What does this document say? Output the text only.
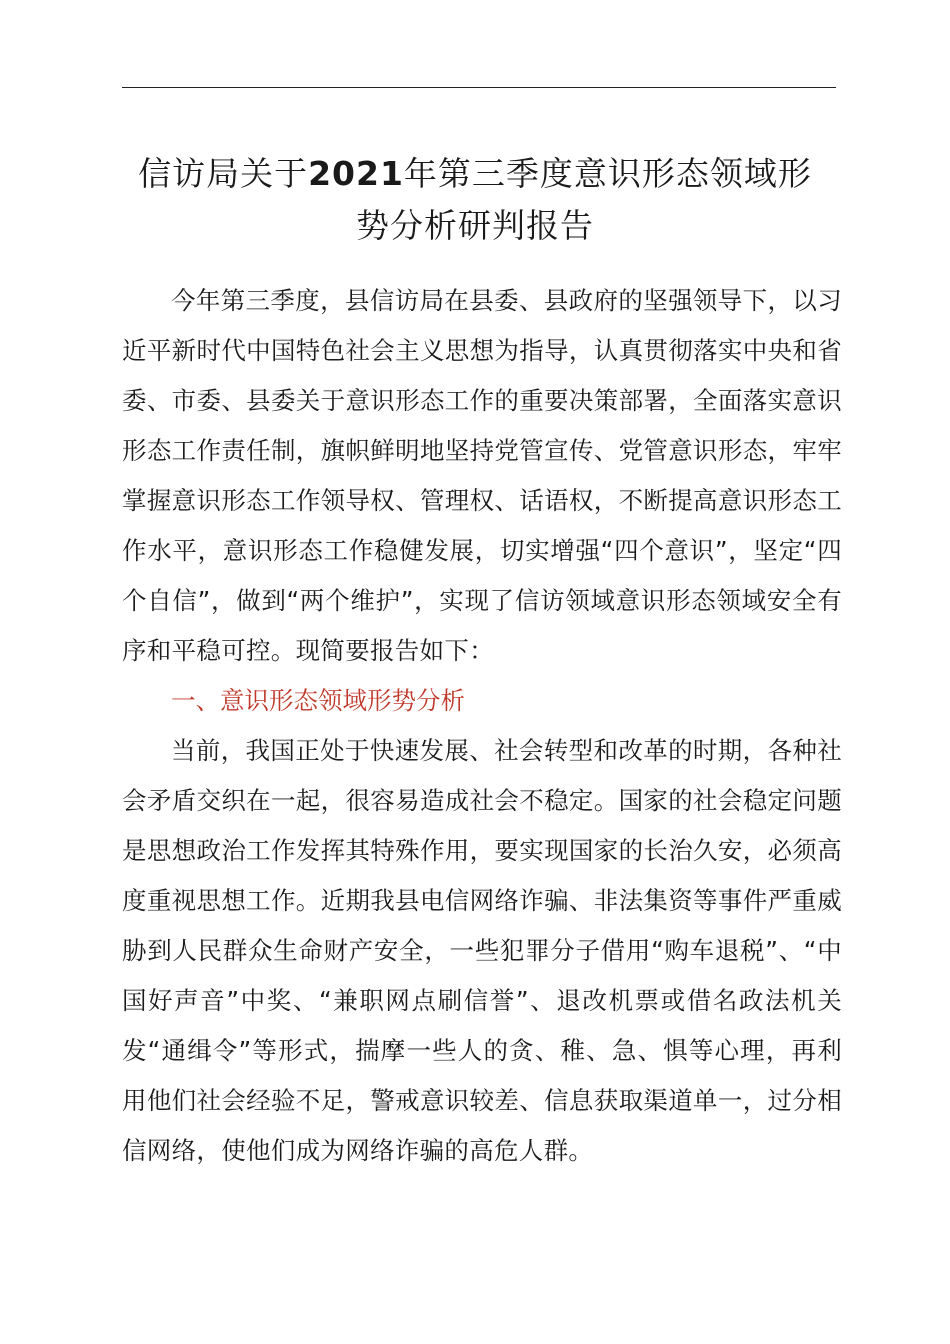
信访局关于2021年第三季度意识形态领域形
势分析研判报告

今年第三季度，县信访局在县委、县政府的坚强领导下，以习近平新时代中国特色社会主义思想为指导，认真贯彻落实中央和省委、市委、县委关于意识形态工作的重要决策部署，全面落实意识形态工作责任制，旗帜鲜明地坚持党管宣传、党管意识形态，牢牢掌握意识形态工作领导权、管理权、话语权，不断提高意识形态工作水平，意识形态工作稳健发展，切实增强“四个意识”，坚定“四个自信”，做到“两个维护”，实现了信访领域意识形态领域安全有序和平稳可控。现简要报告如下：

一、意识形态领域形势分析

当前，我国正处于快速发展、社会转型和改革的时期，各种社会矛盾交织在一起，很容易造成社会不稳定。国家的社会稳定问题是思想政治工作发挥其特殊作用，要实现国家的长治久安，必须高度重视思想工作。近期我县电信网络诈骗、非法集资等事件严重威胁到人民群众生命财产安全，一些犯罪分子借用“购车退税”、“中国好声音”中奖、“兼职网点刷信誉”、退改机票或借名政法机关发“通缉令”等形式，揣摩一些人的贪、稚、急、惧等心理，再利用他们社会经验不足，警戒意识较差、信息获取渠道单一，过分相信网络，使他们成为网络诈骗的高危人群。
